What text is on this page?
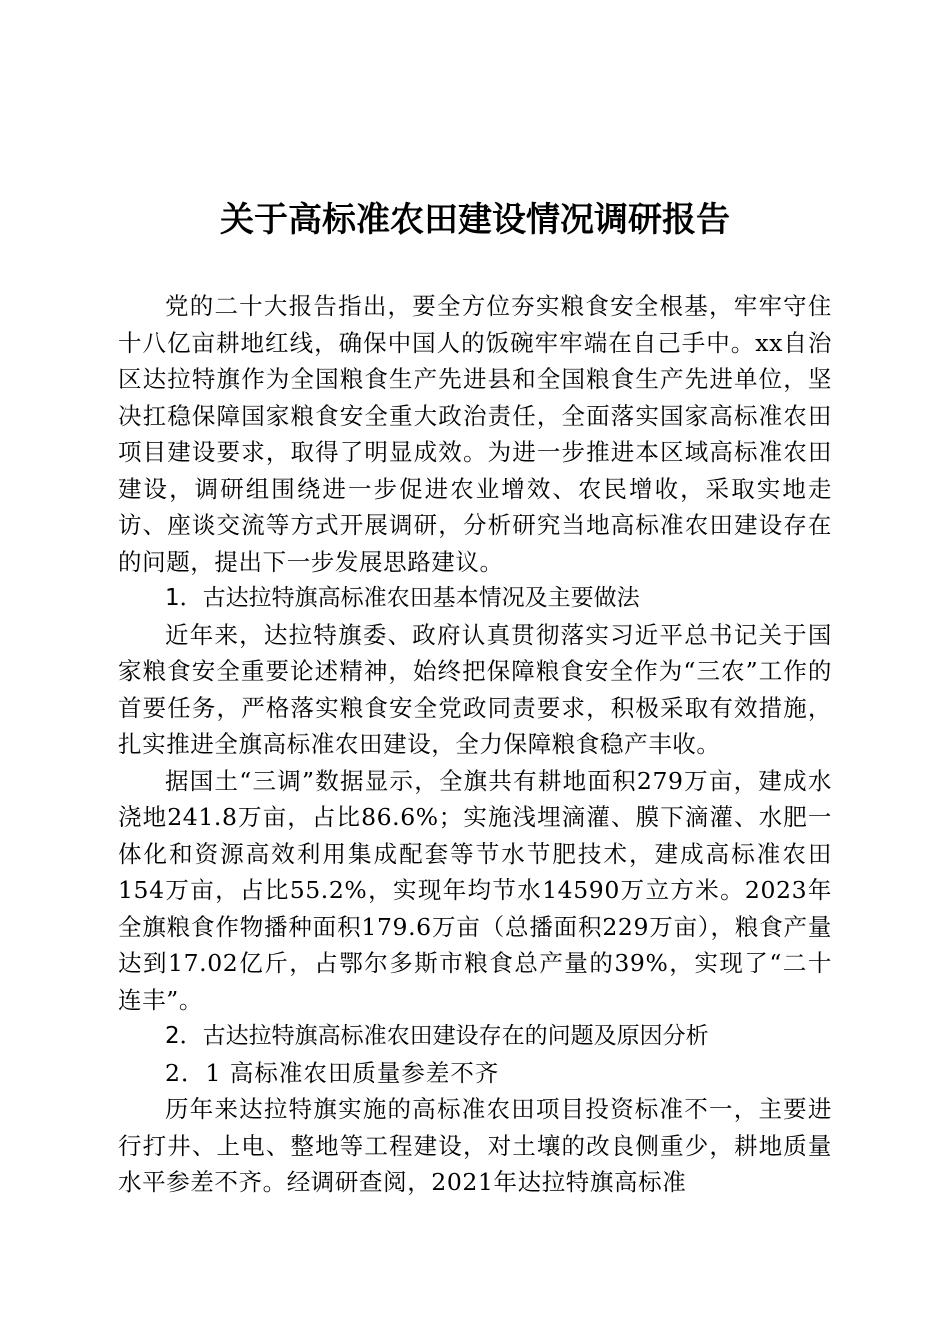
关于高标准农田建设情况调研报告

党的二十大报告指出，要全方位夯实粮食安全根基，牢牢守住十八亿亩耕地红线，确保中国人的饭碗牢牢端在自己手中。xx自治区达拉特旗作为全国粮食生产先进县和全国粮食生产先进单位，坚决扛稳保障国家粮食安全重大政治责任，全面落实国家高标准农田项目建设要求，取得了明显成效。为进一步推进本区域高标准农田建设，调研组围绕进一步促进农业增效、农民增收，采取实地走访、座谈交流等方式开展调研，分析研究当地高标准农田建设存在的问题，提出下一步发展思路建议。

1．古达拉特旗高标准农田基本情况及主要做法

近年来，达拉特旗委、政府认真贯彻落实习近平总书记关于国家粮食安全重要论述精神，始终把保障粮食安全作为“三农”工作的首要任务，严格落实粮食安全党政同责要求，积极采取有效措施，扎实推进全旗高标准农田建设，全力保障粮食稳产丰收。

据国土“三调”数据显示，全旗共有耕地面积279万亩，建成水浇地241.8万亩，占比86.6%；实施浅埋滴灌、膜下滴灌、水肥一体化和资源高效利用集成配套等节水节肥技术，建成高标准农田154万亩，占比55.2%，实现年均节水14590万立方米。2023年全旗粮食作物播种面积179.6万亩（总播面积229万亩），粮食产量达到17.02亿斤，占鄂尔多斯市粮食总产量的39%，实现了“二十连丰”。

2．古达拉特旗高标准农田建设存在的问题及原因分析

2．1 高标准农田质量参差不齐

历年来达拉特旗实施的高标准农田项目投资标准不一，主要进行打井、上电、整地等工程建设，对土壤的改良侧重少，耕地质量水平参差不齐。经调研查阅，2021年达拉特旗高标准
